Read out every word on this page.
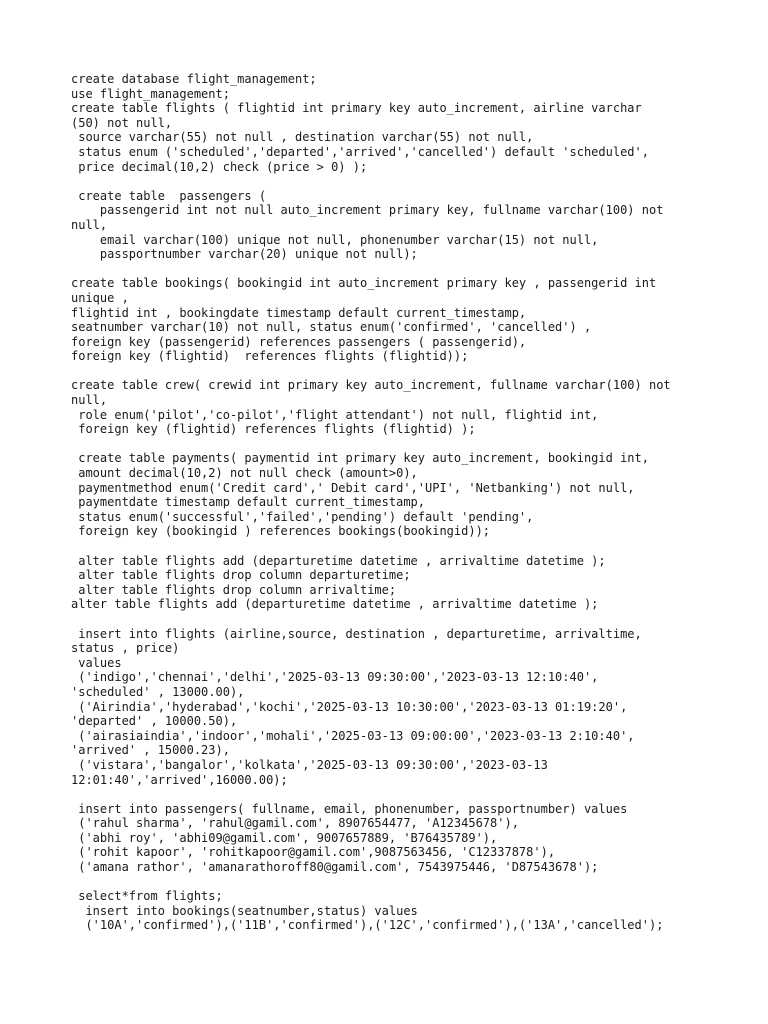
create database flight_management;
use flight_management;
create table flights ( flightid int primary key auto_increment, airline varchar
(50) not null,
source varchar(55) not null , destination varchar(55) not null,
status enum ('scheduled','departed','arrived','cancelled') default 'scheduled',
price decimal(10,2) check (price > 0) );
create table  passengers (
passengerid int not null auto_increment primary key, fullname varchar(100) not
null,
email varchar(100) unique not null, phonenumber varchar(15) not null,
passportnumber varchar(20) unique not null);
create table bookings( bookingid int auto_increment primary key , passengerid int
unique ,
flightid int , bookingdate timestamp default current_timestamp,
seatnumber varchar(10) not null, status enum('confirmed', 'cancelled') ,
foreign key (passengerid) references passengers ( passengerid),
foreign key (flightid)  references flights (flightid));
create table crew( crewid int primary key auto_increment, fullname varchar(100) not
null,
role enum('pilot','co-pilot','flight attendant') not null, flightid int,
foreign key (flightid) references flights (flightid) );
create table payments( paymentid int primary key auto_increment, bookingid int,
amount decimal(10,2) not null check (amount>0),
paymentmethod enum('Credit card',' Debit card','UPI', 'Netbanking') not null,
paymentdate timestamp default current_timestamp,
status enum('successful','failed','pending') default 'pending',
foreign key (bookingid ) references bookings(bookingid));
alter table flights add (departuretime datetime , arrivaltime datetime );
alter table flights drop column departuretime;
alter table flights drop column arrivaltime;
alter table flights add (departuretime datetime , arrivaltime datetime );
insert into flights (airline,source, destination , departuretime, arrivaltime,
status , price)
values
('indigo','chennai','delhi','2025-03-13 09:30:00','2023-03-13 12:10:40',
'scheduled' , 13000.00),
('Airindia','hyderabad','kochi','2025-03-13 10:30:00','2023-03-13 01:19:20',
'departed' , 10000.50),
('airasiaindia','indoor','mohali','2025-03-13 09:00:00','2023-03-13 2:10:40',
'arrived' , 15000.23),
('vistara','bangalor','kolkata','2025-03-13 09:30:00','2023-03-13
12:01:40','arrived',16000.00);
insert into passengers( fullname, email, phonenumber, passportnumber) values
('rahul sharma', 'rahul@gamil.com', 8907654477, 'A12345678'),
('abhi roy', 'abhi09@gamil.com', 9007657889, 'B76435789'),
('rohit kapoor', 'rohitkapoor@gamil.com',9087563456, 'C12337878'),
('amana rathor', 'amanarathoroff80@gamil.com', 7543975446, 'D87543678');
select*from flights;
insert into bookings(seatnumber,status) values
('10A','confirmed'),('11B','confirmed'),('12C','confirmed'),('13A','cancelled');
